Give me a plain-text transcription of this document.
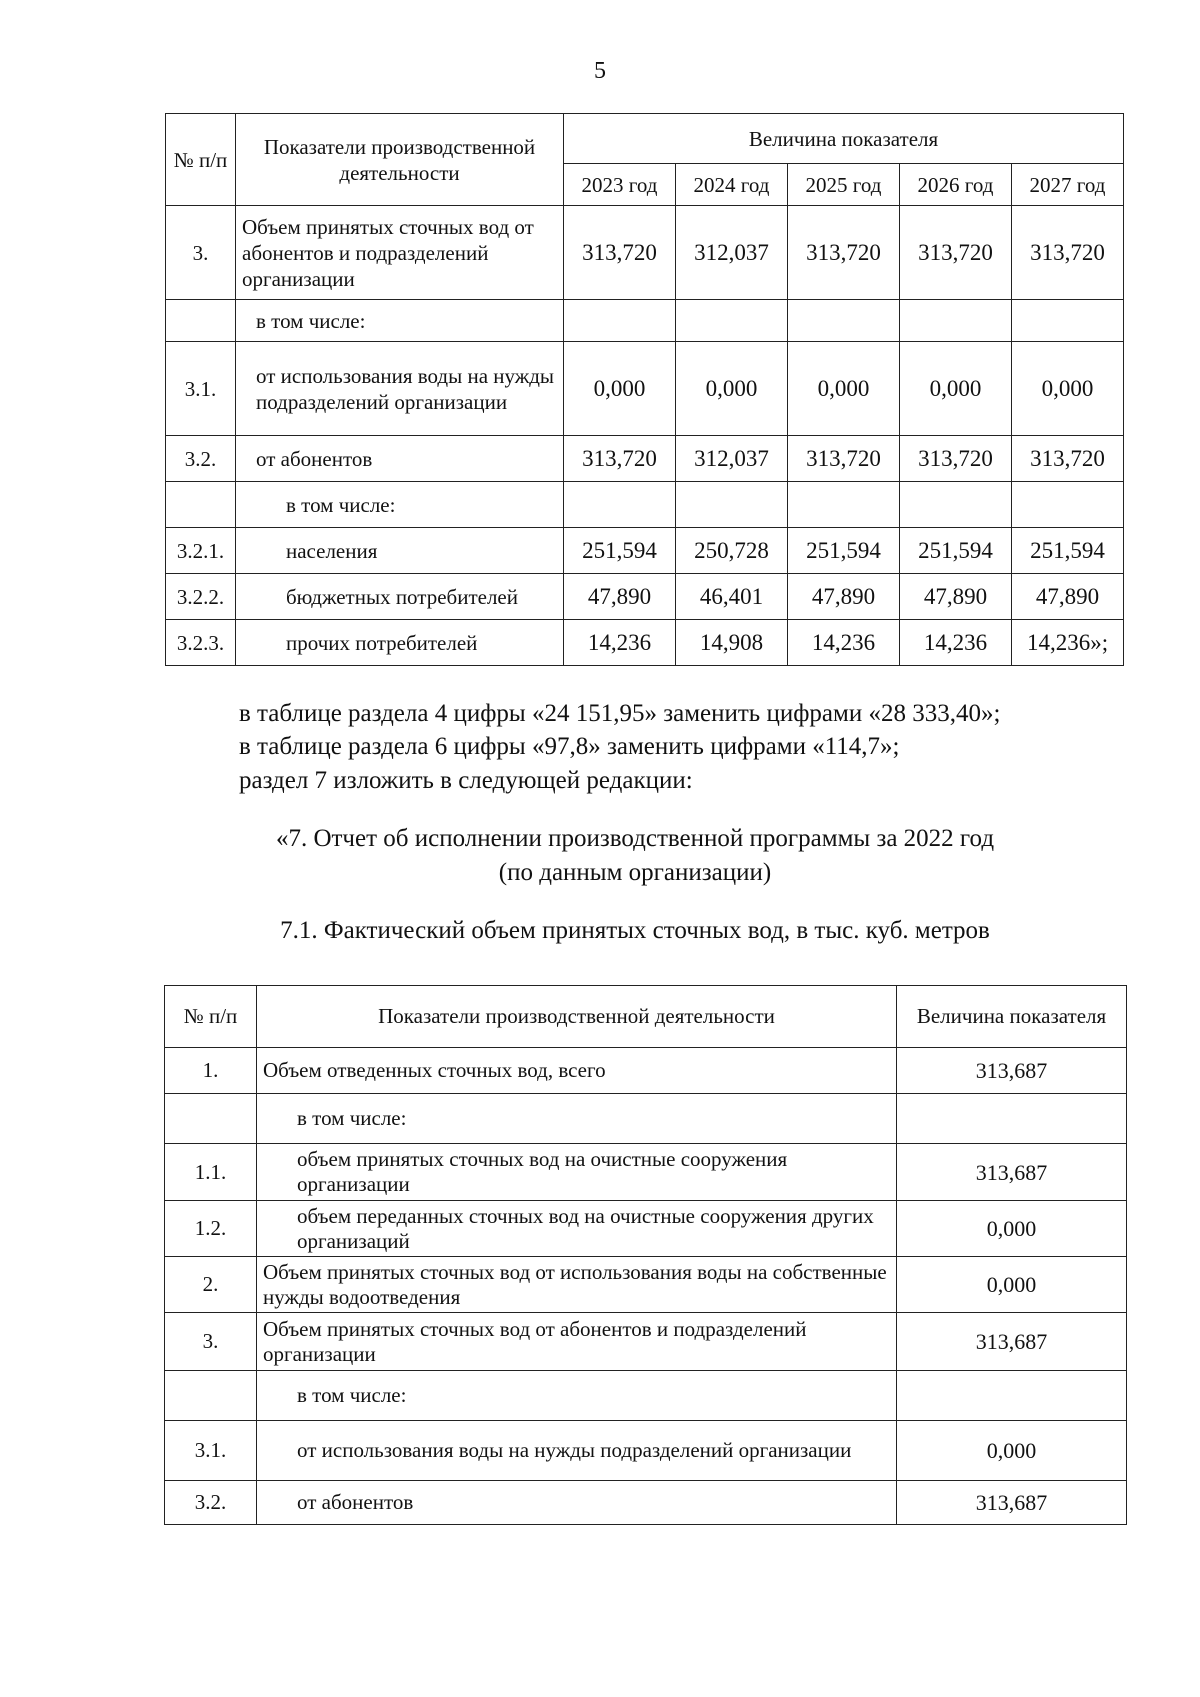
5
№ п/п	Показатели производственной деятельности	Величина показателя				
		2023 год	2024 год	2025 год	2026 год	2027 год
3.	Объем принятых сточных вод от абонентов и подразделений организации	313,720	312,037	313,720	313,720	313,720
	в том числе:					
3.1.	от использования воды на нужды подразделений организации	0,000	0,000	0,000	0,000	0,000
3.2.	от абонентов	313,720	312,037	313,720	313,720	313,720
	в том числе:					
3.2.1.	населения	251,594	250,728	251,594	251,594	251,594
3.2.2.	бюджетных потребителей	47,890	46,401	47,890	47,890	47,890
3.2.3.	прочих потребителей	14,236	14,908	14,236	14,236	14,236»;
в таблице раздела 4 цифры «24 151,95» заменить цифрами «28 333,40»;
в таблице раздела 6 цифры «97,8» заменить цифрами «114,7»;
раздел 7 изложить в следующей редакции:
«7. Отчет об исполнении производственной программы за 2022 год
(по данным организации)
7.1. Фактический объем принятых сточных вод, в тыс. куб. метров
№ п/п	Показатели производственной деятельности	Величина показателя
1.	Объем отведенных сточных вод, всего	313,687
	в том числе:	
1.1.	объем принятых сточных вод на очистные сооружения организации	313,687
1.2.	объем переданных сточных вод на очистные сооружения других организаций	0,000
2.	Объем принятых сточных вод от использования воды на собственные нужды водоотведения	0,000
3.	Объем принятых сточных вод от абонентов и подразделений организации	313,687
	в том числе:	
3.1.	от использования воды на нужды подразделений организации	0,000
3.2.	от абонентов	313,687
